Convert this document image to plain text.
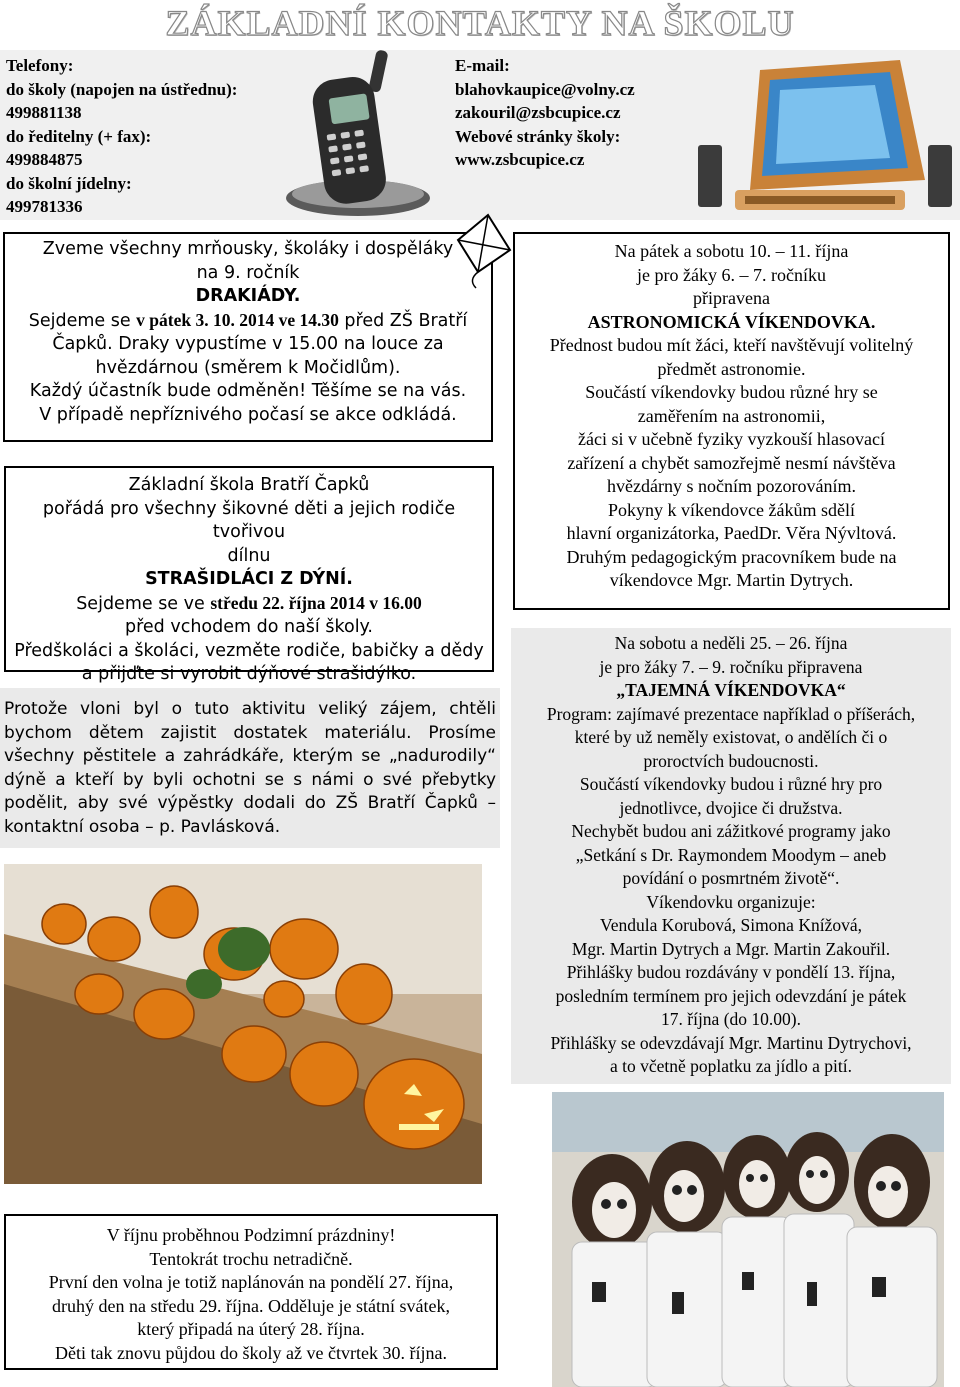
ZÁKLADNÍ KONTAKTY NA ŠKOLU
Telefony:
do školy (napojen na ústřednu):
499881138
do ředitelny (+ fax):
499884875
do školní jídelny:
499781336
E-mail:
blahovkaupice@volny.cz
zakouril@zsbcupice.cz
Webové stránky školy:
www.zsbcupice.cz
Zveme všechny mrňousky, školáky i dospěláky
na 9. ročník
DRAKIÁDY.
Sejdeme se v pátek 3. 10. 2014 ve 14.30 před ZŠ Bratří
Čapků. Draky vypustíme v 15.00 na louce za
hvězdárnou (směrem k Močidlům).
Každý účastník bude odměněn! Těšíme se na vás.
V případě nepříznivého počasí se akce odkládá.
Základní škola Bratří Čapků
pořádá pro všechny šikovné děti a jejich rodiče tvořivou
dílnu
STRAŠIDLÁCI Z DÝNÍ.
Sejdeme se ve středu 22. října 2014 v 16.00
před vchodem do naší školy.
Předškoláci a školáci, vezměte rodiče, babičky a dědy
a přijďte si vyrobit dýňové strašidýlko.
Protože vloni byl o tuto aktivitu veliký zájem, chtěli bychom dětem zajistit dostatek materiálu. Prosíme všechny pěstitele a zahrádkáře, kterým se „nadurodily“ dýně a kteří by byli ochotni se s námi o své přebytky podělit, aby své výpěstky dodali do ZŠ Bratří Čapků – kontaktní osoba – p. Pavlásková.
Na pátek a sobotu 10. – 11. října
je pro žáky 6. – 7. ročníku
připravena
ASTRONOMICKÁ VÍKENDOVKA.
Přednost budou mít žáci, kteří navštěvují volitelný
předmět astronomie.
Součástí víkendovky budou různé hry se
zaměřením na astronomii,
žáci si v učebně fyziky vyzkouší hlasovací
zařízení a chybět samozřejmě nesmí návštěva
hvězdárny s nočním pozorováním.
Pokyny k víkendovce žákům sdělí
hlavní organizátorka, PaedDr. Věra Nývltová.
Druhým pedagogickým pracovníkem bude na
víkendovce Mgr. Martin Dytrych.
Na sobotu a neděli 25. – 26. října
je pro žáky 7. – 9. ročníku připravena
„TAJEMNÁ VÍKENDOVKA“
Program: zajímavé prezentace například o příšerách,
které by už neměly existovat, o andělích či o
proroctvích budoucnosti.
Součástí víkendovky budou i různé hry pro
jednotlivce, dvojice či družstva.
Nechybět budou ani zážitkové programy jako
„Setkání s Dr. Raymondem Moodym – aneb
povídání o posmrtném životě“.
Víkendovku organizuje:
Vendula Korubová, Simona Knížová,
Mgr. Martin Dytrych a Mgr. Martin Zakouřil.
Přihlášky budou rozdávány v pondělí 13. října,
posledním termínem pro jejich odevzdání je pátek
17. října (do 10.00).
Přihlášky se odevzdávají Mgr. Martinu Dytrychovi,
a to včetně poplatku za jídlo a pití.
V říjnu proběhnou Podzimní prázdniny!
Tentokrát trochu netradičně.
První den volna je totiž naplánován na pondělí 27. října,
druhý den na středu 29. října. Odděluje je státní svátek,
který připadá na úterý 28. října.
Děti tak znovu půjdou do školy až ve čtvrtek 30. října.
